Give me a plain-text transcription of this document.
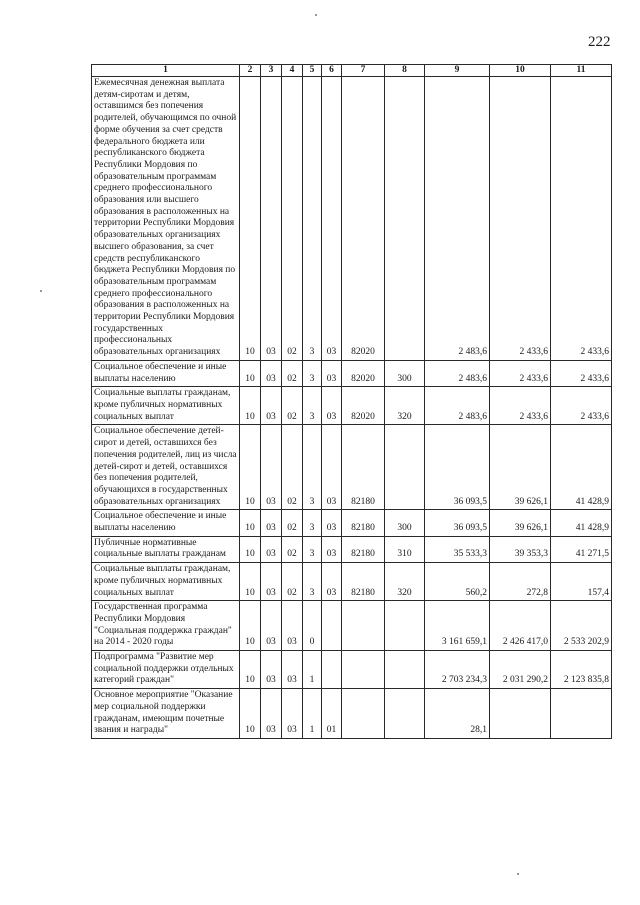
222
1	2	3	4	5	6	7	8	9	10	11
Ежемесячная денежная выплата детям-сиротам и детям, оставшимся без попечения родителей, обучающимся по очной форме обучения за счет средств федерального бюджета или республиканского бюджета Республики Мордовия по образовательным программам среднего профессионального образования или высшего образования в расположенных на территории Республики Мордовия образовательных организациях высшего образования, за счет средств республиканского бюджета Республики Мордовия по образовательным программам среднего профессионального образования в расположенных на территории Республики Мордовия государственных профессиональных образовательных организациях	10	03	02	3	03	82020		2 483,6	2 433,6	2 433,6
Социальное обеспечение и иные выплаты населению	10	03	02	3	03	82020	300	2 483,6	2 433,6	2 433,6
Социальные выплаты гражданам, кроме публичных нормативных социальных выплат	10	03	02	3	03	82020	320	2 483,6	2 433,6	2 433,6
Социальное обеспечение детей-сирот и детей, оставшихся без попечения родителей, лиц из числа детей-сирот и детей, оставшихся без попечения родителей, обучающихся в государственных образовательных организациях	10	03	02	3	03	82180		36 093,5	39 626,1	41 428,9
Социальное обеспечение и иные выплаты населению	10	03	02	3	03	82180	300	36 093,5	39 626,1	41 428,9
Публичные нормативные социальные выплаты гражданам	10	03	02	3	03	82180	310	35 533,3	39 353,3	41 271,5
Социальные выплаты гражданам, кроме публичных нормативных социальных выплат	10	03	02	3	03	82180	320	560,2	272,8	157,4
Государственная программа Республики Мордовия "Социальная поддержка граждан" на 2014 - 2020 годы	10	03	03	0				3 161 659,1	2 426 417,0	2 533 202,9
Подпрограмма "Развитие мер социальной поддержки отдельных категорий граждан"	10	03	03	1				2 703 234,3	2 031 290,2	2 123 835,8
Основное мероприятие "Оказание мер социальной поддержки гражданам, имеющим почетные звания и награды"	10	03	03	1	01			28,1		
